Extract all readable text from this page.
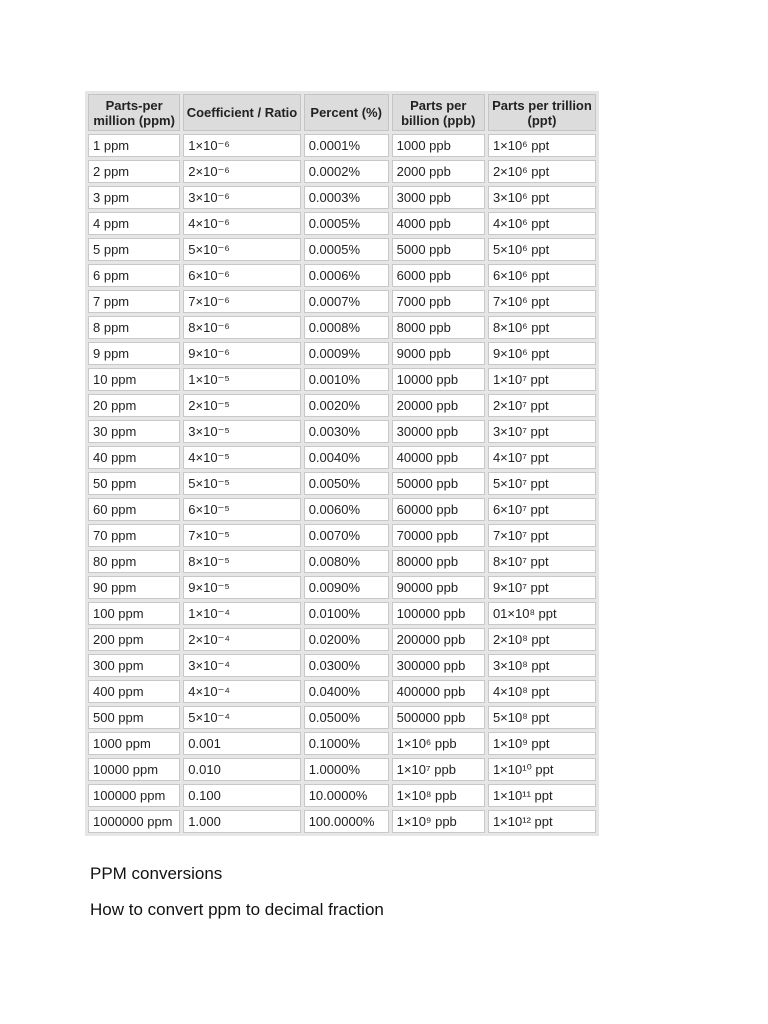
Parts-per million (ppm)	Coefficient / Ratio	Percent (%)	Parts per billion (ppb)	Parts per trillion (ppt)
1 ppm	1×10⁻⁶	0.0001%	1000 ppb	1×10⁶ ppt
2 ppm	2×10⁻⁶	0.0002%	2000 ppb	2×10⁶ ppt
3 ppm	3×10⁻⁶	0.0003%	3000 ppb	3×10⁶ ppt
4 ppm	4×10⁻⁶	0.0005%	4000 ppb	4×10⁶ ppt
5 ppm	5×10⁻⁶	0.0005%	5000 ppb	5×10⁶ ppt
6 ppm	6×10⁻⁶	0.0006%	6000 ppb	6×10⁶ ppt
7 ppm	7×10⁻⁶	0.0007%	7000 ppb	7×10⁶ ppt
8 ppm	8×10⁻⁶	0.0008%	8000 ppb	8×10⁶ ppt
9 ppm	9×10⁻⁶	0.0009%	9000 ppb	9×10⁶ ppt
10 ppm	1×10⁻⁵	0.0010%	10000 ppb	1×10⁷ ppt
20 ppm	2×10⁻⁵	0.0020%	20000 ppb	2×10⁷ ppt
30 ppm	3×10⁻⁵	0.0030%	30000 ppb	3×10⁷ ppt
40 ppm	4×10⁻⁵	0.0040%	40000 ppb	4×10⁷ ppt
50 ppm	5×10⁻⁵	0.0050%	50000 ppb	5×10⁷ ppt
60 ppm	6×10⁻⁵	0.0060%	60000 ppb	6×10⁷ ppt
70 ppm	7×10⁻⁵	0.0070%	70000 ppb	7×10⁷ ppt
80 ppm	8×10⁻⁵	0.0080%	80000 ppb	8×10⁷ ppt
90 ppm	9×10⁻⁵	0.0090%	90000 ppb	9×10⁷ ppt
100 ppm	1×10⁻⁴	0.0100%	100000 ppb	01×10⁸ ppt
200 ppm	2×10⁻⁴	0.0200%	200000 ppb	2×10⁸ ppt
300 ppm	3×10⁻⁴	0.0300%	300000 ppb	3×10⁸ ppt
400 ppm	4×10⁻⁴	0.0400%	400000 ppb	4×10⁸ ppt
500 ppm	5×10⁻⁴	0.0500%	500000 ppb	5×10⁸ ppt
1000 ppm	0.001	0.1000%	1×10⁶ ppb	1×10⁹ ppt
10000 ppm	0.010	1.0000%	1×10⁷ ppb	1×10¹⁰ ppt
100000 ppm	0.100	10.0000%	1×10⁸ ppb	1×10¹¹ ppt
1000000 ppm	1.000	100.0000%	1×10⁹ ppb	1×10¹² ppt
PPM conversions
How to convert ppm to decimal fraction
